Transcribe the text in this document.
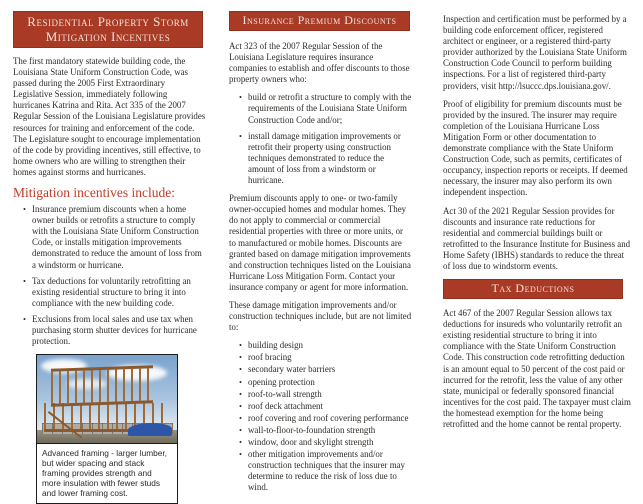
Residential Property Storm Mitigation Incentives

The first mandatory statewide building code, the Louisiana State Uniform Construction Code, was passed during the 2005 First Extraordinary Legislative Session, immediately following hurricanes Katrina and Rita. Act 335 of the 2007 Regular Session of the Louisiana Legislature provides resources for training and enforcement of the code. The Legislature sought to encourage implementation of the code by providing incentives, still effective, to home owners who are willing to strengthen their homes against storms and hurricanes.

Mitigation incentives include:
• Insurance premium discounts when a home owner builds or retrofits a structure to comply with the Louisiana State Uniform Construction Code, or installs mitigation improvements demonstrated to reduce the amount of loss from a windstorm or hurricane.
• Tax deductions for voluntarily retrofitting an existing residential structure to bring it into compliance with the new building code.
• Exclusions from local sales and use tax when purchasing storm shutter devices for hurricane protection.
Advanced framing - larger lumber, but wider spacing and stack framing provides strength and more insulation with fewer studs and lower framing cost.
Insurance Premium Discounts

Act 323 of the 2007 Regular Session of the Louisiana Legislature requires insurance companies to establish and offer discounts to those property owners who:

• build or retrofit a structure to comply with the requirements of the Louisiana State Uniform Construction Code and/or;
• install damage mitigation improvements or retrofit their property using construction techniques demonstrated to reduce the amount of loss from a windstorm or hurricane.

Premium discounts apply to one- or two-family owner-occupied homes and modular homes. They do not apply to commercial or commercial residential properties with three or more units, or to manufactured or mobile homes. Discounts are granted based on damage mitigation improvements and construction techniques listed on the Louisiana Hurricane Loss Mitigation Form. Contact your insurance company or agent for more information.

These damage mitigation improvements and/or construction techniques include, but are not limited to:

• building design
• roof bracing
• secondary water barriers
• opening protection
• roof-to-wall strength
• roof deck attachment
• roof covering and roof covering performance
• wall-to-floor-to-foundation strength
• window, door and skylight strength
• other mitigation improvements and/or construction techniques that the insurer may determine to reduce the risk of loss due to wind.

Inspection and certification must be performed by a building code enforcement officer, registered architect or engineer, or a registered third-party provider authorized by the Louisiana State Uniform Construction Code Council to perform building inspections. For a list of registered third-party providers, visit http://lsuccc.dps.louisiana.gov/.

Proof of eligibility for premium discounts must be provided by the insured. The insurer may require completion of the Louisiana Hurricane Loss Mitigation Form or other documentation to demonstrate compliance with the State Uniform Construction Code, such as permits, certificates of occupancy, inspection reports or receipts. If deemed necessary, the insurer may also perform its own independent inspection.

Act 30 of the 2021 Regular Session provides for discounts and insurance rate reductions for residential and commercial buildings built or retrofitted to the Insurance Institute for Business and Home Safety (IBHS) standards to reduce the threat of loss due to windstorm events.

Tax Deductions

Act 467 of the 2007 Regular Session allows tax deductions for insureds who voluntarily retrofit an existing residential structure to bring it into compliance with the State Uniform Construction Code. This construction code retrofitting deduction is an amount equal to 50 percent of the cost paid or incurred for the retrofit, less the value of any other state, municipal or federally sponsored financial incentives for the cost paid. The taxpayer must claim the homestead exemption for the home being retrofitted and the home cannot be rental property.
